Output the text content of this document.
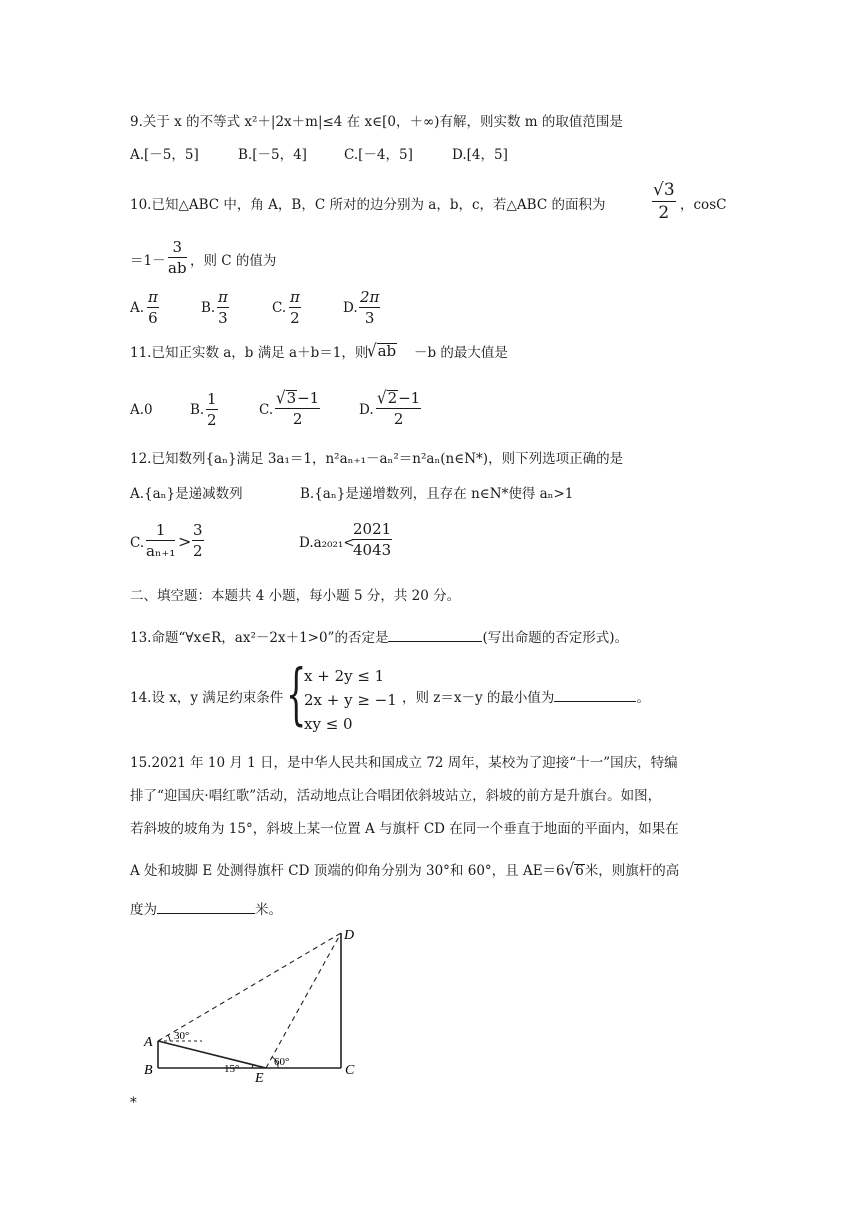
9.关于 x 的不等式 x²＋|2x＋m|≤4 在 x∈[0，＋∞)有解，则实数 m 的取值范围是
A.[－5，5]	B.[－5，4]	C.[－4，5]	D.[4，5]
10.已知△ABC 中，角 A，B，C 所对的边分别为 a，b，c，若△ABC 的面积为	$\frac{√3}{2}$ ，cosC
$=1- \frac{3}{ab}$ ，则 C 的值为
A. $\frac{\pi}{6}$	B. $\frac{\pi}{3}$	C. $\frac{\pi}{2}$	D. $\frac{2\pi}{3}$
11.已知正实数 a，b 满足 a＋b＝1，则
√ab －b 的最大值是
A.0	B. $\frac{1}{2}$	C. $\frac{√3-1}{2}$	D. $\frac{√2-1}{2}$
12.已知数列{aₙ}满足 3a₁＝1，n²aₙ₊₁－aₙ²＝n²aₙ(n∈N*)，则下列选项正确的是
A.{aₙ}是递减数列	B.{aₙ}是递增数列，且存在 n∈N*使得 aₙ>1
C. $\frac{1}{\text{aₙ₊₁}} > \frac{3}{2}$	D.a₂₀₂₁<
$\frac{2021}{4043}$
二、填空题：本题共 4 小题，每小题 5 分，共 20 分。
13.命题“∀x∈R，ax²－2x＋1>0”的否定是	(写出命题的否定形式)。
14.设 x，y 满足约束条件 {
x + 2y ≤ 1
2x + y ≥ −1
xy ≤ 0
，则 z＝x－y 的最小值为	。
15.2021 年 10 月 1 日，是中华人民共和国成立 72 周年，某校为了迎接“十一”国庆，特编
排了“迎国庆·唱红歌”活动，活动地点让合唱团依斜坡站立，斜坡的前方是升旗台。如图，
若斜坡的坡角为 15°，斜坡上某一位置 A 与旗杆 CD 在同一个垂直于地面的平面内，如果在
A 处和坡脚 E 处测得旗杆 CD 顶端的仰角分别为 30°和 60°，且 AE＝6√6米，则旗杆的高
度为	米。
A
B	C
D
E
30°
60°
15°
*
